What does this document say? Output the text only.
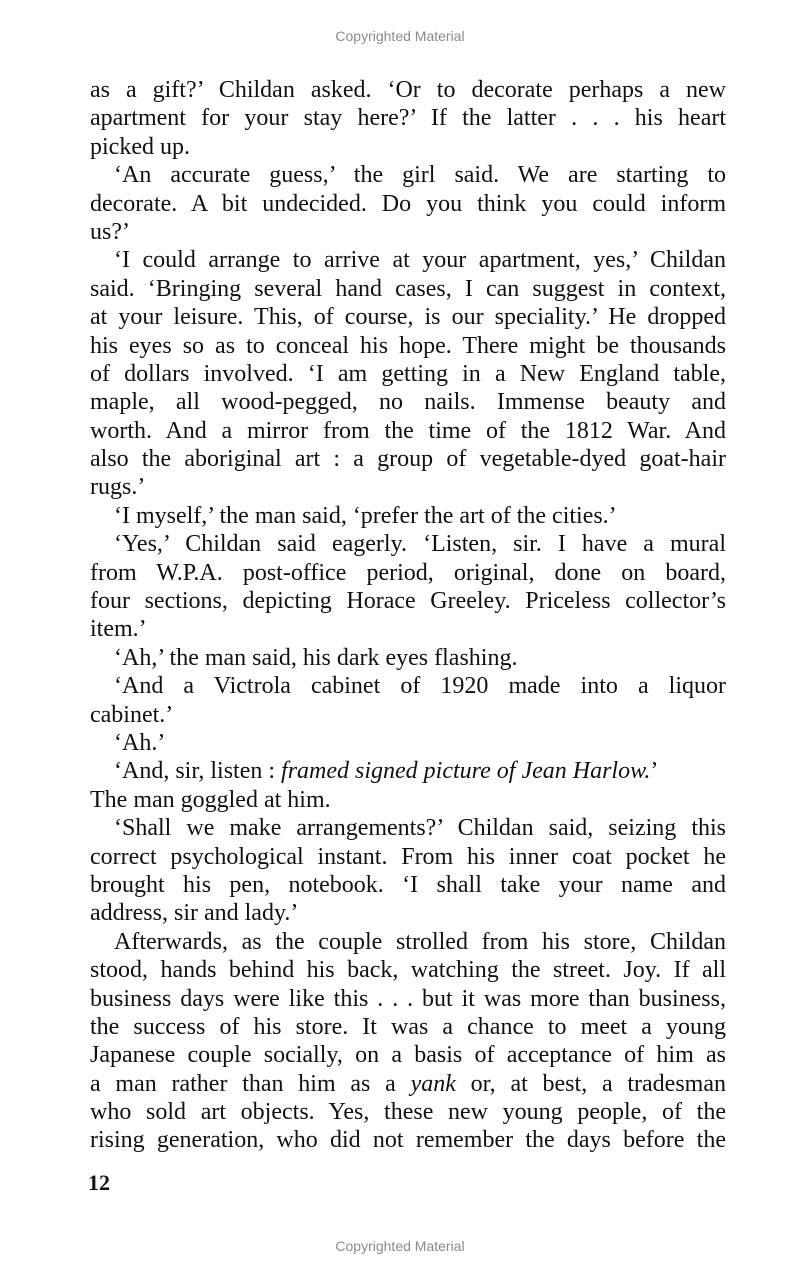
Copyrighted Material
as a gift?’ Childan asked. ‘Or to decorate perhaps a new
apartment for your stay here?’ If the latter . . . his heart
picked up.
‘An accurate guess,’ the girl said. We are starting to
decorate. A bit undecided. Do you think you could inform
us?’
‘I could arrange to arrive at your apartment, yes,’ Childan
said. ‘Bringing several hand cases, I can suggest in context,
at your leisure. This, of course, is our speciality.’ He dropped
his eyes so as to conceal his hope. There might be thousands
of dollars involved. ‘I am getting in a New England table,
maple, all wood-pegged, no nails. Immense beauty and
worth. And a mirror from the time of the 1812 War. And
also the aboriginal art : a group of vegetable-dyed goat-hair
rugs.’
‘I myself,’ the man said, ‘prefer the art of the cities.’
‘Yes,’ Childan said eagerly. ‘Listen, sir. I have a mural
from W.P.A. post-office period, original, done on board,
four sections, depicting Horace Greeley. Priceless collector’s
item.’
‘Ah,’ the man said, his dark eyes flashing.
‘And a Victrola cabinet of 1920 made into a liquor
cabinet.’
‘Ah.’
‘And, sir, listen : framed signed picture of Jean Harlow.’
The man goggled at him.
‘Shall we make arrangements?’ Childan said, seizing this
correct psychological instant. From his inner coat pocket he
brought his pen, notebook. ‘I shall take your name and
address, sir and lady.’
Afterwards, as the couple strolled from his store, Childan
stood, hands behind his back, watching the street. Joy. If all
business days were like this . . . but it was more than business,
the success of his store. It was a chance to meet a young
Japanese couple socially, on a basis of acceptance of him as
a man rather than him as a yank or, at best, a tradesman
who sold art objects. Yes, these new young people, of the
rising generation, who did not remember the days before the
12
Copyrighted Material
